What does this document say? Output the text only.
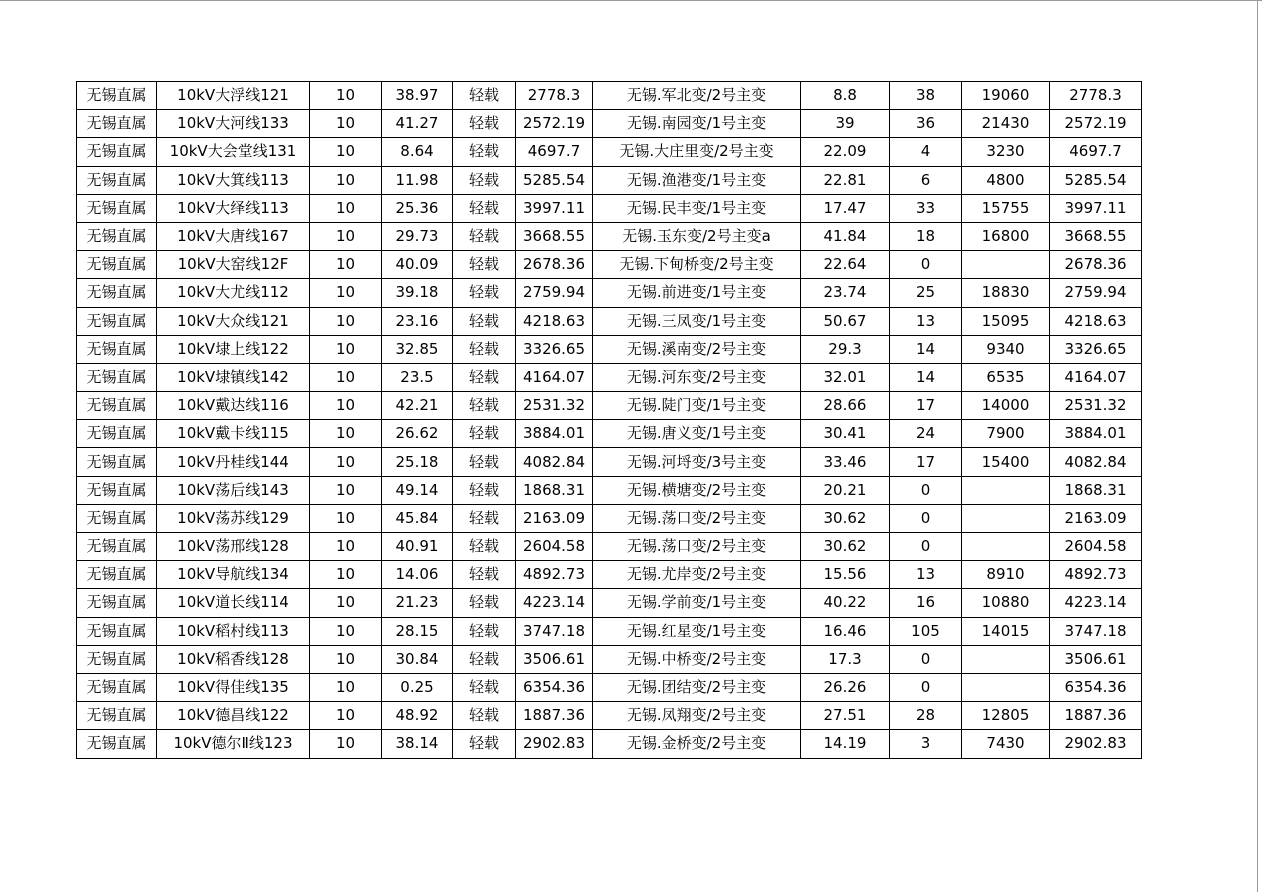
无锡直属	10kV大浮线121	10	38.97	轻载	2778.3	无锡.军北变/2号主变	8.8	38	19060	2778.3
无锡直属	10kV大河线133	10	41.27	轻载	2572.19	无锡.南园变/1号主变	39	36	21430	2572.19
无锡直属	10kV大会堂线131	10	8.64	轻载	4697.7	无锡.大庄里变/2号主变	22.09	4	3230	4697.7
无锡直属	10kV大箕线113	10	11.98	轻载	5285.54	无锡.渔港变/1号主变	22.81	6	4800	5285.54
无锡直属	10kV大绎线113	10	25.36	轻载	3997.11	无锡.民丰变/1号主变	17.47	33	15755	3997.11
无锡直属	10kV大唐线167	10	29.73	轻载	3668.55	无锡.玉东变/2号主变a	41.84	18	16800	3668.55
无锡直属	10kV大窑线12F	10	40.09	轻载	2678.36	无锡.下甸桥变/2号主变	22.64	0		2678.36
无锡直属	10kV大尤线112	10	39.18	轻载	2759.94	无锡.前进变/1号主变	23.74	25	18830	2759.94
无锡直属	10kV大众线121	10	23.16	轻载	4218.63	无锡.三凤变/1号主变	50.67	13	15095	4218.63
无锡直属	10kV埭上线122	10	32.85	轻载	3326.65	无锡.溪南变/2号主变	29.3	14	9340	3326.65
无锡直属	10kV埭镇线142	10	23.5	轻载	4164.07	无锡.河东变/2号主变	32.01	14	6535	4164.07
无锡直属	10kV戴达线116	10	42.21	轻载	2531.32	无锡.陡门变/1号主变	28.66	17	14000	2531.32
无锡直属	10kV戴卡线115	10	26.62	轻载	3884.01	无锡.唐义变/1号主变	30.41	24	7900	3884.01
无锡直属	10kV丹桂线144	10	25.18	轻载	4082.84	无锡.河埒变/3号主变	33.46	17	15400	4082.84
无锡直属	10kV荡后线143	10	49.14	轻载	1868.31	无锡.横塘变/2号主变	20.21	0		1868.31
无锡直属	10kV荡苏线129	10	45.84	轻载	2163.09	无锡.荡口变/2号主变	30.62	0		2163.09
无锡直属	10kV荡邢线128	10	40.91	轻载	2604.58	无锡.荡口变/2号主变	30.62	0		2604.58
无锡直属	10kV导航线134	10	14.06	轻载	4892.73	无锡.尤岸变/2号主变	15.56	13	8910	4892.73
无锡直属	10kV道长线114	10	21.23	轻载	4223.14	无锡.学前变/1号主变	40.22	16	10880	4223.14
无锡直属	10kV稻村线113	10	28.15	轻载	3747.18	无锡.红星变/1号主变	16.46	105	14015	3747.18
无锡直属	10kV稻香线128	10	30.84	轻载	3506.61	无锡.中桥变/2号主变	17.3	0		3506.61
无锡直属	10kV得佳线135	10	0.25	轻载	6354.36	无锡.团结变/2号主变	26.26	0		6354.36
无锡直属	10kV德昌线122	10	48.92	轻载	1887.36	无锡.凤翔变/2号主变	27.51	28	12805	1887.36
无锡直属	10kV德尔Ⅱ线123	10	38.14	轻载	2902.83	无锡.金桥变/2号主变	14.19	3	7430	2902.83
